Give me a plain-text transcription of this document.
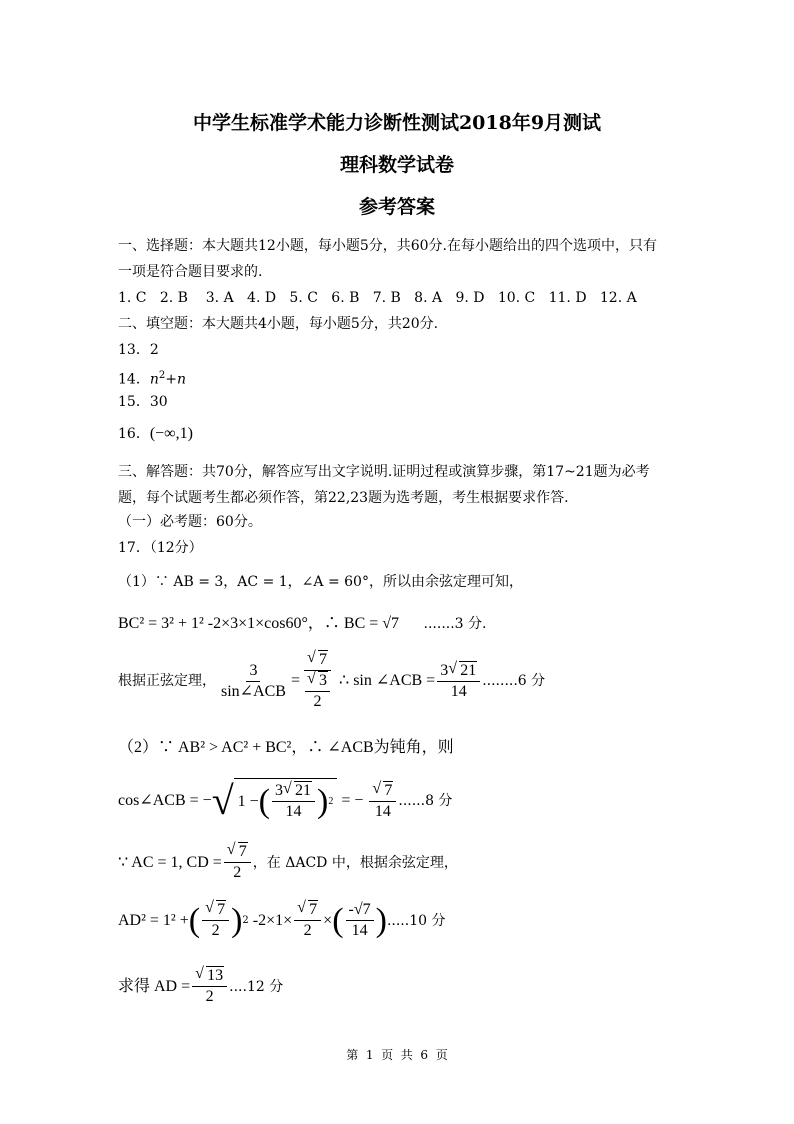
中学生标准学术能力诊断性测试2018年9月测试
理科数学试卷
参考答案
一、选择题：本大题共12小题，每小题5分，共60分.在每小题给出的四个选项中，只有
一项是符合题目要求的.
1. C   2. B    3. A   4. D   5. C   6. B   7. B   8. A   9. D   10. C   11. D   12. A
二、填空题：本大题共4小题，每小题5分，共20分.
13．2
14．$n^2+n$
15．30
16．(−∞,1)
三、解答题：共70分，解答应写出文字说明.证明过程或演算步骤，第17~21题为必考
题，每个试题考生都必须作答，第22,23题为选考题，考生根据要求作答.
（一）必考题：60分。
17．（12分）
（1）∵ AB = 3，AC = 1，∠A = 60°，所以由余弦定理可知，
BC² = 3² + 1² -2×3×1×cos60°，∴ BC = √7 .......3 分.
根据正弦定理， $\frac{3}{\text{sin∠ACB}}$ = √ 7
√ 3
2 ∴ sin ∠ACB = $\frac{3 √ 21}{14} ........6$ 分
（2）∵ AB² > AC² + BC²，∴ ∠ACB为钝角，则
cos∠ACB = − √ 1 − ( $\frac{3 √ 21}{14}$ ) 2 = − √ $\frac{7}{14} ......8$ 分
∵ AC = 1, CD = √ $\frac{7}{2}$ ，在 ΔACD 中，根据余弦定理，
AD² = 1² + ( √ $\frac{7}{2}$ ) 2 -2×1× √ $\frac{7}{2}$ × ( $\frac{-√7}{14}$ ) .....10 分
求得 AD = √ $\frac{13}{2} ....12$ 分
第  1  页  共  6  页
